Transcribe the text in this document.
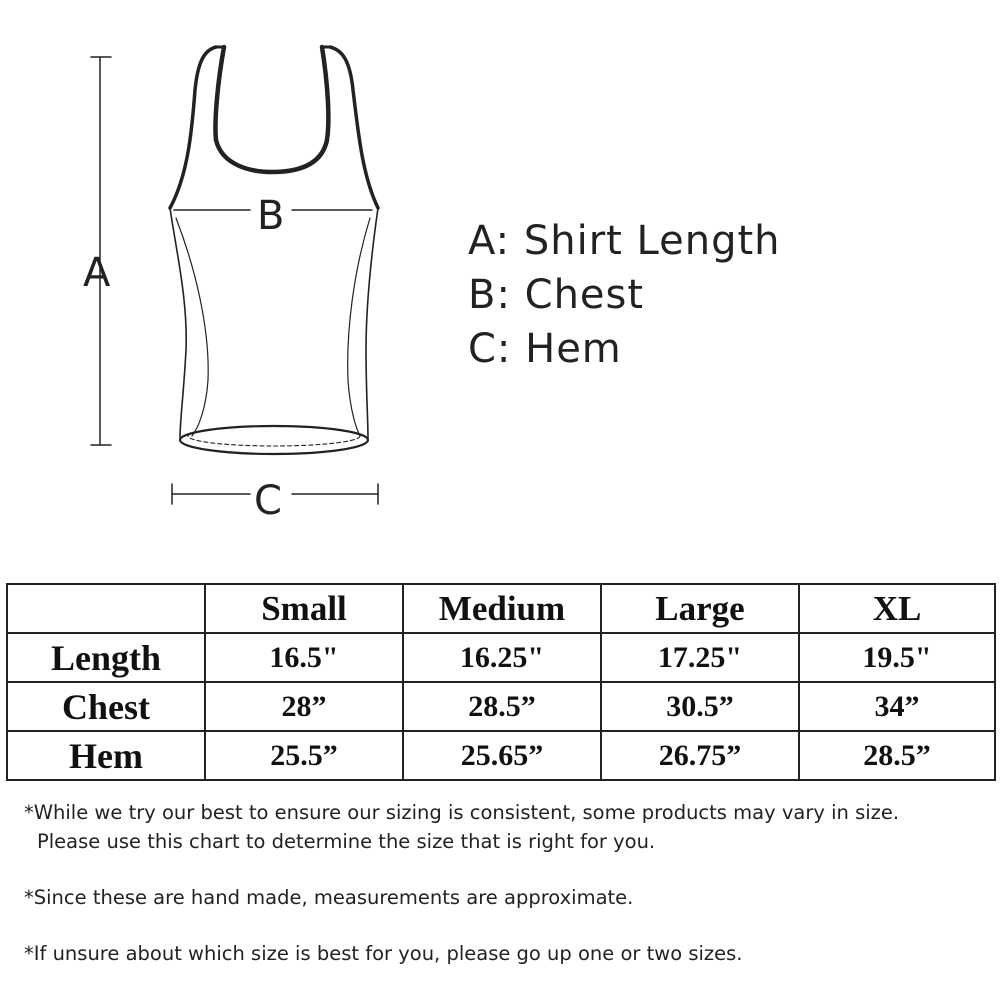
A
B
C
A: Shirt Length
B: Chest
C: Hem
	Small	Medium	Large	XL
Length	16.5"	16.25"	17.25"	19.5"
Chest	28”	28.5”	30.5”	34”
Hem	25.5”	25.65”	26.75”	28.5”
*While we try our best to ensure our sizing is consistent, some products may vary in size.
Please use this chart to determine the size that is right for you.
*Since these are hand made, measurements are approximate.
*If unsure about which size is best for you, please go up one or two sizes.
